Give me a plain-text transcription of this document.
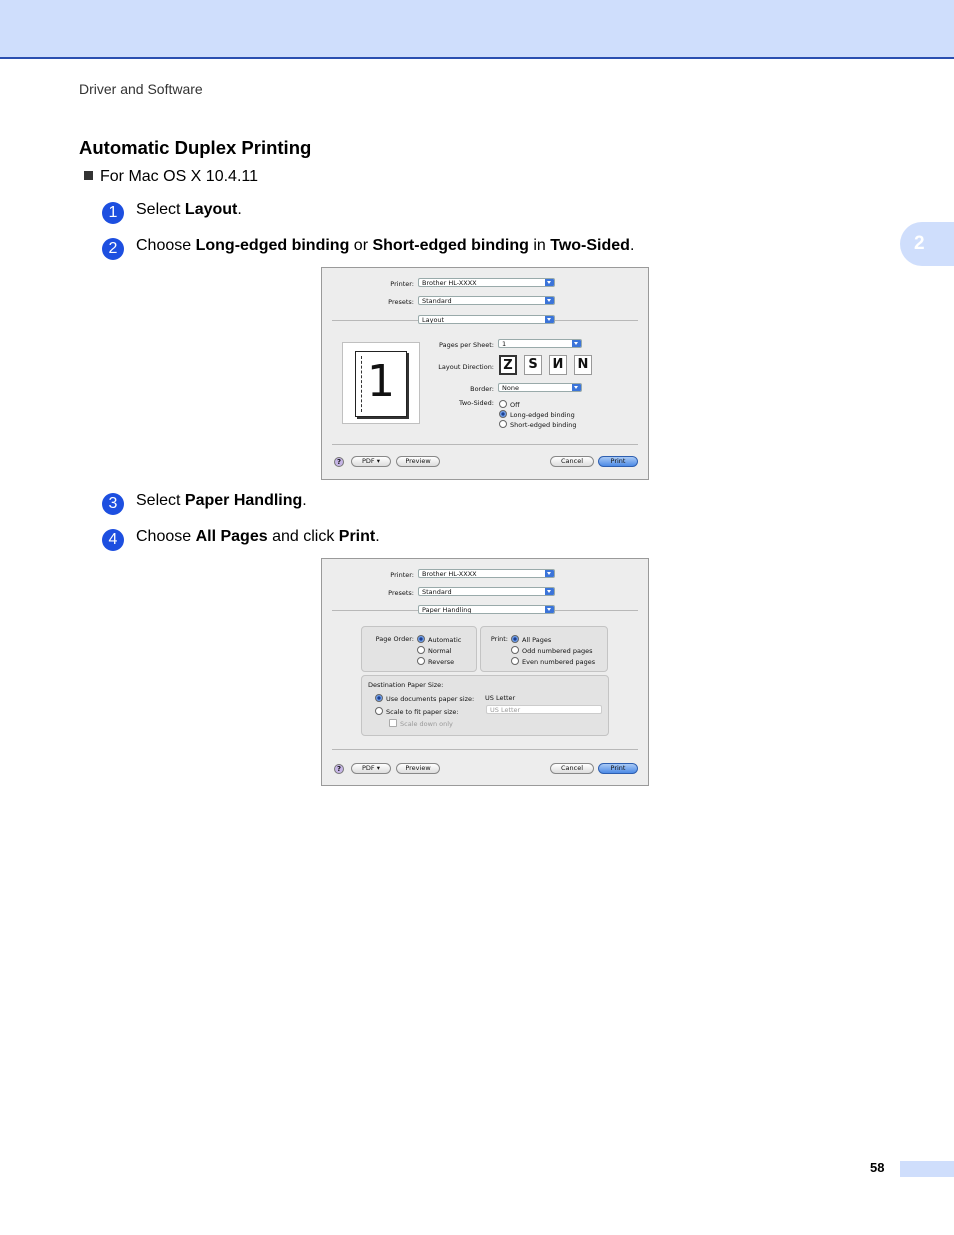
Driver and Software
2
Automatic Duplex Printing
For Mac OS X 10.4.11
1 Select Layout.
2 Choose Long-edged binding or Short-edged binding in Two-Sided.
Printer:	Brother HL-XXXX
Presets:	Standard
Layout
1
Pages per Sheet:	1
Layout Direction: Z	S	И N
Border:	None
Two-Sided:	Off
Long-edged binding
Short-edged binding
?	PDF ▾	Preview	Cancel	Print
3 Select Paper Handling.
4 Choose All Pages and click Print.
Printer:	Brother HL-XXXX
Presets:	Standard
Paper Handling
Page Order:	Automatic
Normal
Reverse
Print:	All Pages
Odd numbered pages
Even numbered pages
Destination Paper Size:
Use documents paper size: US Letter
Scale to fit paper size:	US Letter
Scale down only
?	PDF ▾	Preview	Cancel	Print
58
